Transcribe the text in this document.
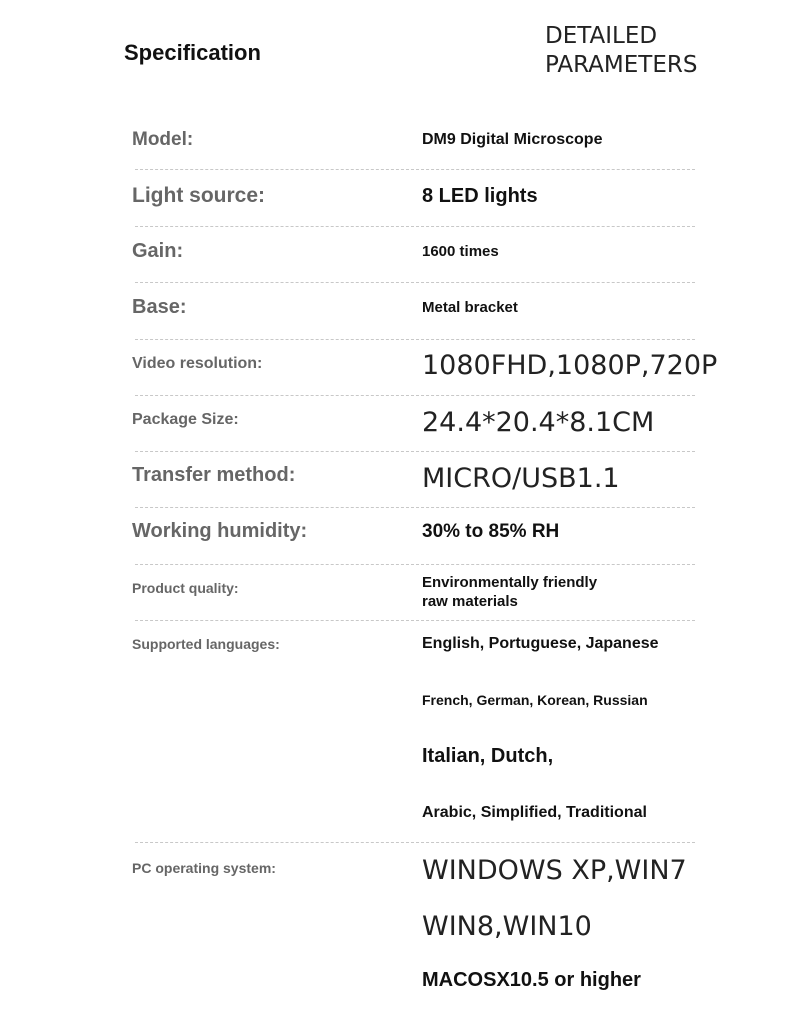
Specification
DETAILED
PARAMETERS
Model:	DM9 Digital Microscope
Light source:	8 LED lights
Gain:	1600 times
Base:	Metal bracket
Video resolution:	1080FHD,1080P,720P
Package Size:	24.4*20.4*8.1CM
Transfer method:	MICRO/USB1.1
Working humidity:	30% to 85% RH
Product quality:	Environmentally friendly
raw materials
Supported languages:	English, Portuguese, Japanese
French, German, Korean, Russian
Italian, Dutch,
Arabic, Simplified, Traditional
PC operating system:	WINDOWS XP,WIN7
WIN8,WIN10
MACOSX10.5 or higher
